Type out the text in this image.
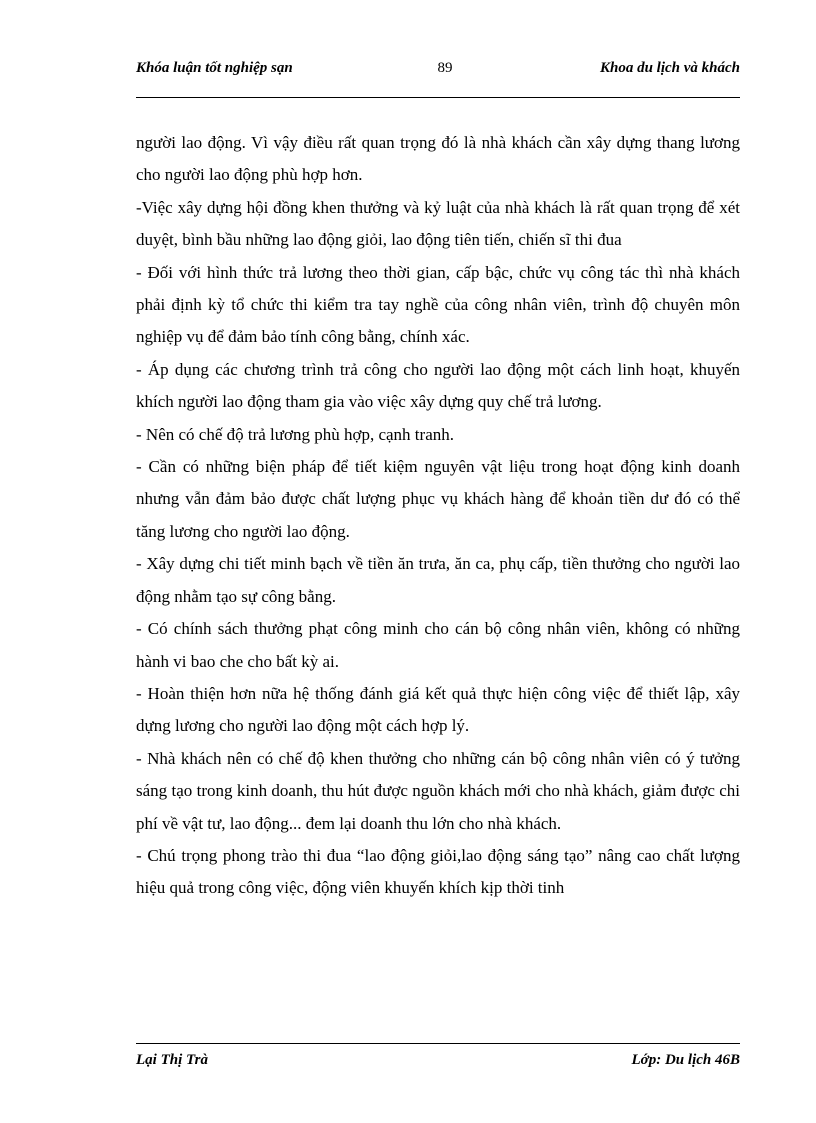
Khóa luận tốt nghiệp sạn	89	Khoa du lịch và khách

người lao động. Vì vậy điều rất quan trọng đó là nhà khách cần xây dựng thang lương cho người lao động phù hợp hơn.

-Việc xây dựng hội đồng khen thưởng và kỷ luật của nhà khách là rất quan trọng để xét duyệt, bình bầu những lao động giỏi, lao động tiên tiến, chiến sĩ thi đua

- Đối với hình thức trả lương theo thời gian, cấp bậc, chức vụ công tác thì nhà khách phải định kỳ tổ chức thi kiểm tra tay nghề của công nhân viên, trình độ chuyên môn nghiệp vụ để đảm bảo tính công bằng, chính xác.

- Áp dụng các chương trình trả công cho người lao động một cách linh hoạt, khuyến khích người lao động tham gia vào việc xây dựng quy chế trả lương.

- Nên có chế độ trả lương phù hợp, cạnh tranh.

- Cần có những biện pháp để tiết kiệm nguyên vật liệu trong hoạt động kinh doanh nhưng vẫn đảm bảo được chất lượng phục vụ khách hàng để khoản tiền dư đó có thể tăng lương cho người lao động.

- Xây dựng chi tiết minh bạch về tiền ăn trưa, ăn ca, phụ cấp, tiền thưởng cho người lao động nhằm tạo sự công bằng.

- Có chính sách thưởng phạt công minh cho cán bộ công nhân viên, không có những hành vi bao che cho bất kỳ ai.

- Hoàn thiện hơn nữa hệ thống đánh giá kết quả thực hiện công việc để thiết lập, xây dựng lương cho người lao động một cách hợp lý.

- Nhà khách nên có chế độ khen thưởng cho những cán bộ công nhân viên có ý tưởng sáng tạo trong kinh doanh, thu hút được nguồn khách mới cho nhà khách, giảm được chi phí về vật tư, lao động... đem lại doanh thu lớn cho nhà khách.

- Chú trọng phong trào thi đua “lao động giỏi,lao động sáng tạo” nâng cao chất lượng hiệu quả trong công việc, động viên khuyến khích kịp thời tinh

Lại Thị Trà	Lớp: Du lịch 46B
